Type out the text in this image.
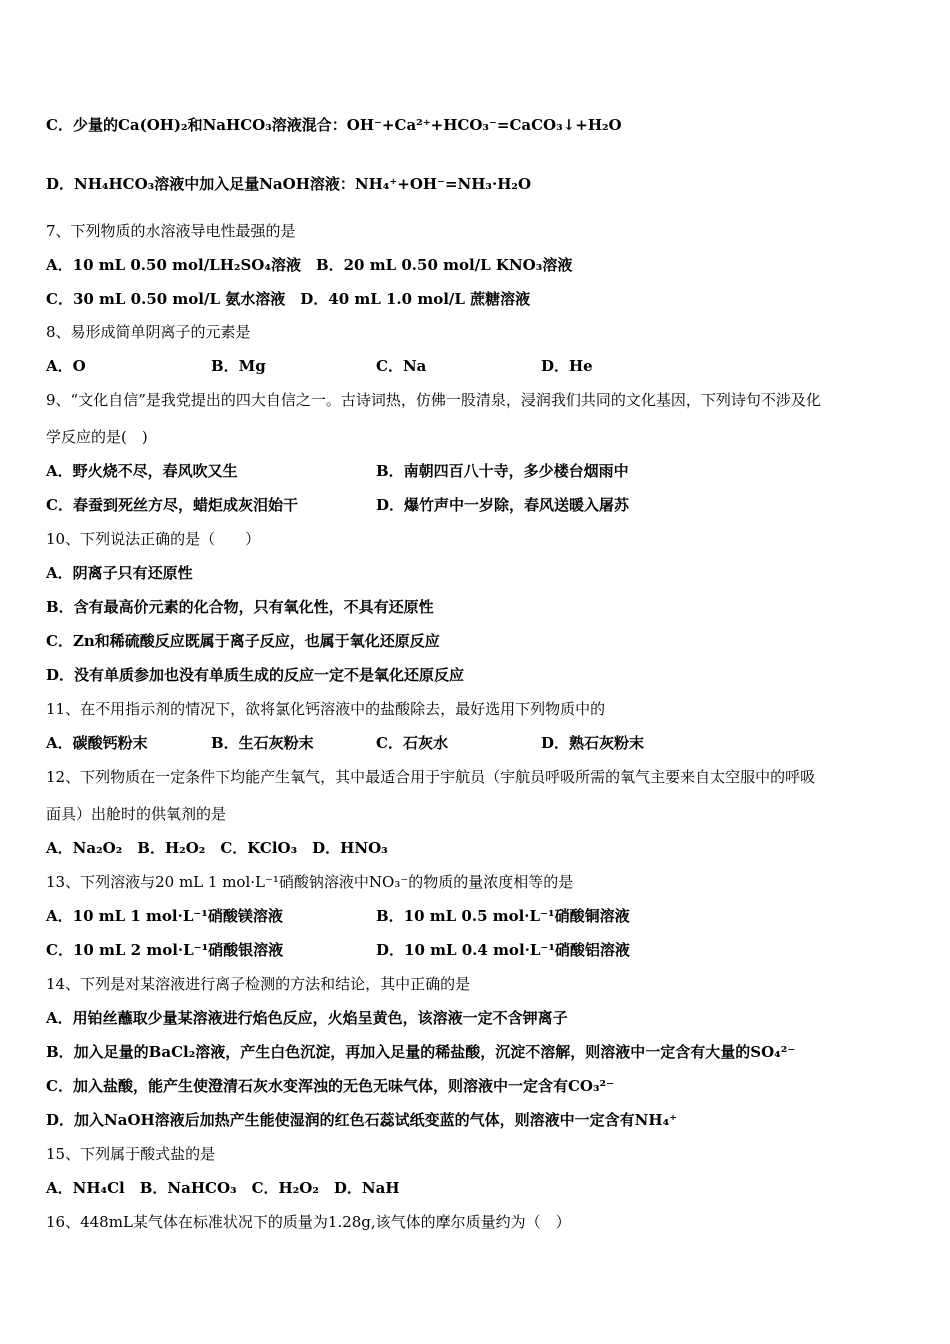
C．少量的Ca(OH)₂和NaHCO₃溶液混合：OH⁻+Ca²⁺+HCO₃⁻=CaCO₃↓+H₂O
D．NH₄HCO₃溶液中加入足量NaOH溶液：NH₄⁺+OH⁻=NH₃·H₂O
7、下列物质的水溶液导电性最强的是
A．10 mL 0.50 mol/LH₂SO₄溶液　B．20 mL 0.50 mol/L KNO₃溶液
C．30 mL 0.50 mol/L 氨水溶液　D．40 mL 1.0 mol/L 蔗糖溶液
8、易形成简单阴离子的元素是
A．O	B．Mg	C．Na	D．He
9、“文化自信”是我党提出的四大自信之一。古诗词热，仿佛一股清泉，浸润我们共同的文化基因，下列诗句不涉及化
学反应的是(　)
A．野火烧不尽，春风吹又生	B．南朝四百八十寺，多少楼台烟雨中
C．春蚕到死丝方尽，蜡炬成灰泪始干	D．爆竹声中一岁除，春风送暖入屠苏
10、下列说法正确的是（　　）
A．阴离子只有还原性
B．含有最高价元素的化合物，只有氧化性，不具有还原性
C．Zn和稀硫酸反应既属于离子反应，也属于氧化还原反应
D．没有单质参加也没有单质生成的反应一定不是氧化还原反应
11、在不用指示剂的情况下，欲将氯化钙溶液中的盐酸除去，最好选用下列物质中的
A．碳酸钙粉末	B．生石灰粉末	C．石灰水	D．熟石灰粉末
12、下列物质在一定条件下均能产生氧气，其中最适合用于宇航员（宇航员呼吸所需的氧气主要来自太空服中的呼吸
面具）出舱时的供氧剂的是
A．Na₂O₂　B．H₂O₂　C．KClO₃　D．HNO₃
13、下列溶液与20 mL 1 mol·L⁻¹硝酸钠溶液中NO₃⁻的物质的量浓度相等的是
A．10 mL 1 mol·L⁻¹硝酸镁溶液	B．10 mL 0.5 mol·L⁻¹硝酸铜溶液
C．10 mL 2 mol·L⁻¹硝酸银溶液	D．10 mL 0.4 mol·L⁻¹硝酸铝溶液
14、下列是对某溶液进行离子检测的方法和结论，其中正确的是
A．用铂丝蘸取少量某溶液进行焰色反应，火焰呈黄色，该溶液一定不含钾离子
B．加入足量的BaCl₂溶液，产生白色沉淀，再加入足量的稀盐酸，沉淀不溶解，则溶液中一定含有大量的SO₄²⁻
C．加入盐酸，能产生使澄清石灰水变浑浊的无色无味气体，则溶液中一定含有CO₃²⁻
D．加入NaOH溶液后加热产生能使湿润的红色石蕊试纸变蓝的气体，则溶液中一定含有NH₄⁺
15、下列属于酸式盐的是
A．NH₄Cl　B．NaHCO₃　C．H₂O₂　D．NaH
16、448mL某气体在标准状况下的质量为1.28g,该气体的摩尔质量约为（　）
